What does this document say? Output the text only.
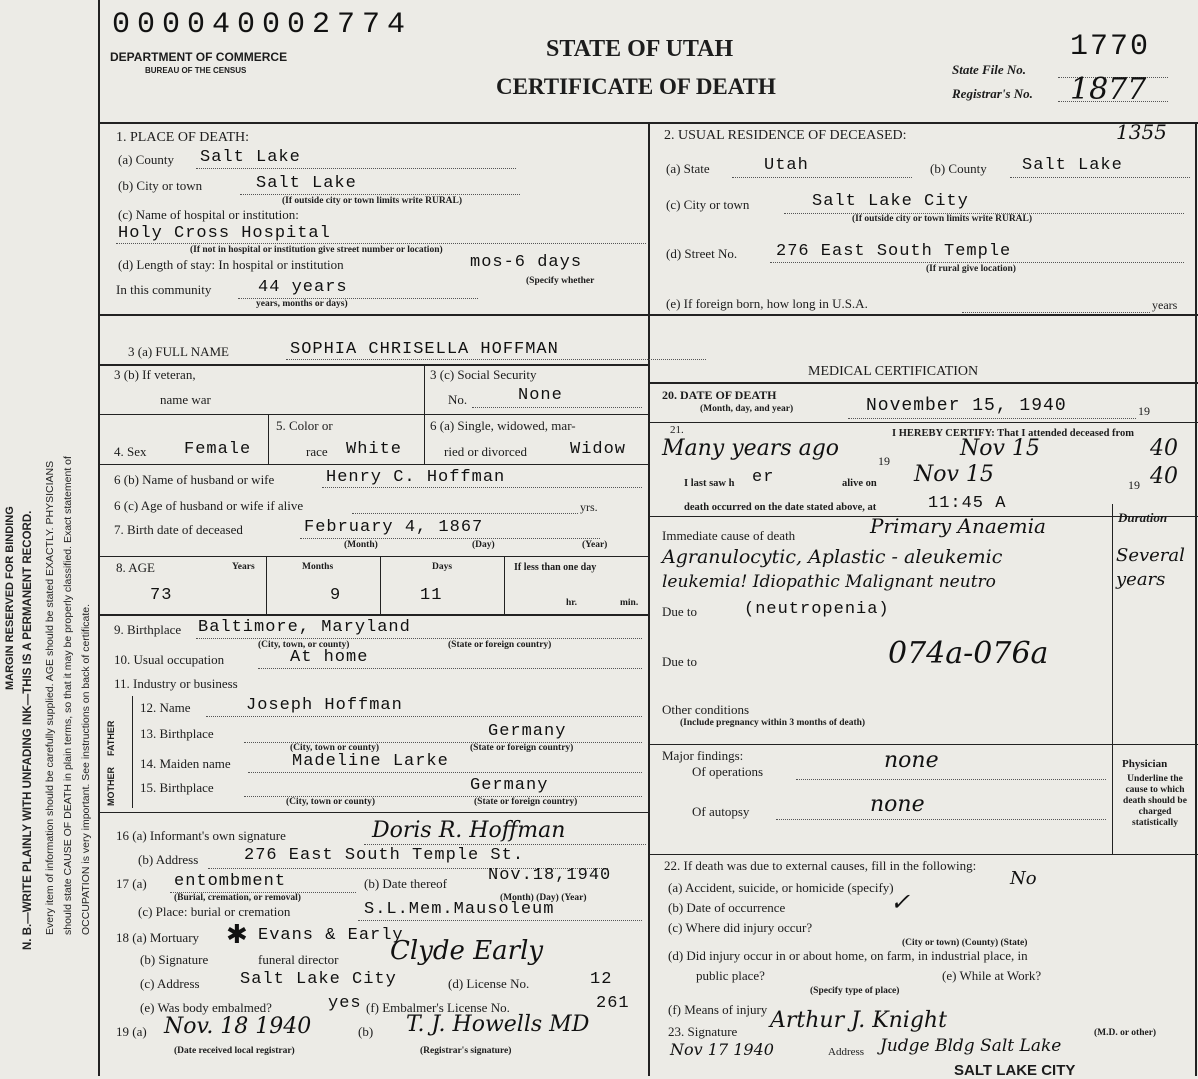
MARGIN RESERVED FOR BINDING N. B.—WRITE PLAINLY WITH UNFADING INK—THIS IS A PERMANENT RECORD. Every item of information should be carefully supplied. AGE should be stated EXACTLY. PHYSICIANS should state CAUSE OF DEATH in plain terms, so that it may be properly classified. Exact statement of OCCUPATION is very important. See instructions on back of certificate.
000040002774
DEPARTMENT OF COMMERCE
BUREAU OF THE CENSUS
STATE OF UTAH
CERTIFICATE OF DEATH
1770
State File No.
Registrar's No. 1877
1. PLACE OF DEATH:
(a) County Salt Lake
(b) City or town	Salt Lake
(If outside city or town limits write RURAL)
(c) Name of hospital or institution:
Holy Cross Hospital
(If not in hospital or institution give street number or location)
(d) Length of stay: In hospital or institution	mos-6 days
(Specify whether
In this community	44 years
years, months or days)
2. USUAL RESIDENCE OF DECEASED:	1355
(a) State	Utah	(b) County Salt Lake
(c) City or town	Salt Lake City
(If outside city or town limits write RURAL)
(d) Street No. 276 East South Temple
(If rural give location)
(e) If foreign born, how long in U.S.A.	years
3 (a) FULL NAME	SOPHIA CHRISELLA HOFFMAN
3 (b) If veteran,
name war
3 (c) Social Security
No.	None
4. Sex Female
5. Color or
race White
6 (a) Single, widowed, mar-
ried or divorced	Widow
6 (b) Name of husband or wife	Henry C. Hoffman
6 (c) Age of husband or wife if alive	yrs.
7. Birth date of deceased	February 4, 1867
(Month)	(Day)	(Year)
8. AGE	Years	Months	Days	If less than one day
73	9	11	hr.	min.
9. Birthplace Baltimore, Maryland
(City, town, or county)	(State or foreign country)
10. Usual occupation	At home
11. Industry or business
FATHER
MOTHER
12. Name	Joseph Hoffman
13. Birthplace	Germany
(City, town or county)	(State or foreign country)
14. Maiden name	Madeline Larke
15. Birthplace	Germany
(City, town or county)	(State or foreign country)
16 (a) Informant's own signature	Doris R. Hoffman
(b) Address	276 East South Temple St.
17 (a) entombment
(Burial, cremation, or removal)
(b) Date thereof Nov.18,1940
(Month) (Day) (Year)
(c) Place: burial or cremation	S.L.Mem.Mausoleum
18 (a) Mortuary ✱ Evans & Early
(b) Signature	funeral director Clyde Early
(c) Address Salt Lake City	(d) License No.	12
(e) Was body embalmed?	yes (f) Embalmer's License No.	261
19 (a) Nov. 18 1940
(Date received local registrar)
(b) T. J. Howells MD
(Registrar's signature)
MEDICAL CERTIFICATION
20. DATE OF DEATH
(Month, day, and year)	November 15, 1940	19
21.	I HEREBY CERTIFY: That I attended deceased from
Many years ago	19	Nov 15	40
I last saw h er	alive on Nov 15	19 40
death occurred on the date stated above, at	11:45 A
Duration
Immediate cause of death	Primary Anaemia
Agranulocytic, Aplastic - aleukemic
leukemia! Idiopathic Malignant neutro
Several years
Due to	(neutropenia)
Due to	074a-076a
Other conditions
(Include pregnancy within 3 months of death)
Major findings:
Of operations	none
Of autopsy	none
Physician
Underline the cause to which death should be charged statistically
22. If death was due to external causes, fill in the following:
(a) Accident, suicide, or homicide (specify)	No
(b) Date of occurrence	✓
(c) Where did injury occur?
(City or town) (County) (State)
(d) Did injury occur in or about home, on farm, in industrial place, in
public place?	(e) While at Work?
(Specify type of place)
(f) Means of injury
23. Signature Arthur J. Knight	(M.D. or other)
Nov 17 1940	Address Judge Bldg Salt Lake
SALT LAKE CITY
